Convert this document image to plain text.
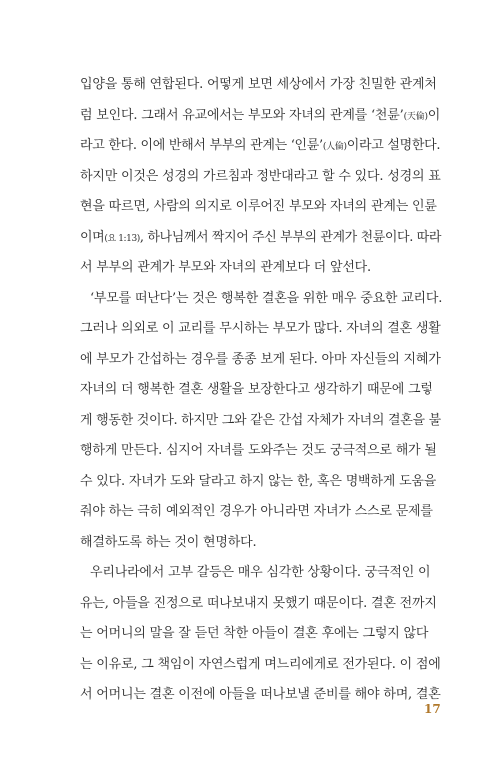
입양을 통해 연합된다. 어떻게 보면 세상에서 가장 친밀한 관계처
럼 보인다. 그래서 유교에서는 부모와 자녀의 관계를 ‘천륜’(天倫)이
라고 한다. 이에 반해서 부부의 관계는 ‘인륜’(人倫)이라고 설명한다.
하지만 이것은 성경의 가르침과 정반대라고 할 수 있다. 성경의 표
현을 따르면, 사람의 의지로 이루어진 부모와 자녀의 관계는 인륜
이며(요 1:13), 하나님께서 짝지어 주신 부부의 관계가 천륜이다. 따라
서 부부의 관계가 부모와 자녀의 관계보다 더 앞선다.
‘부모를 떠난다’는 것은 행복한 결혼을 위한 매우 중요한 교리다.
그러나 의외로 이 교리를 무시하는 부모가 많다. 자녀의 결혼 생활
에 부모가 간섭하는 경우를 종종 보게 된다. 아마 자신들의 지혜가
자녀의 더 행복한 결혼 생활을 보장한다고 생각하기 때문에 그렇
게 행동한 것이다. 하지만 그와 같은 간섭 자체가 자녀의 결혼을 불
행하게 만든다. 심지어 자녀를 도와주는 것도 궁극적으로 해가 될
수 있다. 자녀가 도와 달라고 하지 않는 한, 혹은 명백하게 도움을
줘야 하는 극히 예외적인 경우가 아니라면 자녀가 스스로 문제를
해결하도록 하는 것이 현명하다.
우리나라에서 고부 갈등은 매우 심각한 상황이다. 궁극적인 이
유는, 아들을 진정으로 떠나보내지 못했기 때문이다. 결혼 전까지
는 어머니의 말을 잘 듣던 착한 아들이 결혼 후에는 그렇지 않다
는 이유로, 그 책임이 자연스럽게 며느리에게로 전가된다. 이 점에
서 어머니는 결혼 이전에 아들을 떠나보낼 준비를 해야 하며, 결혼
17
